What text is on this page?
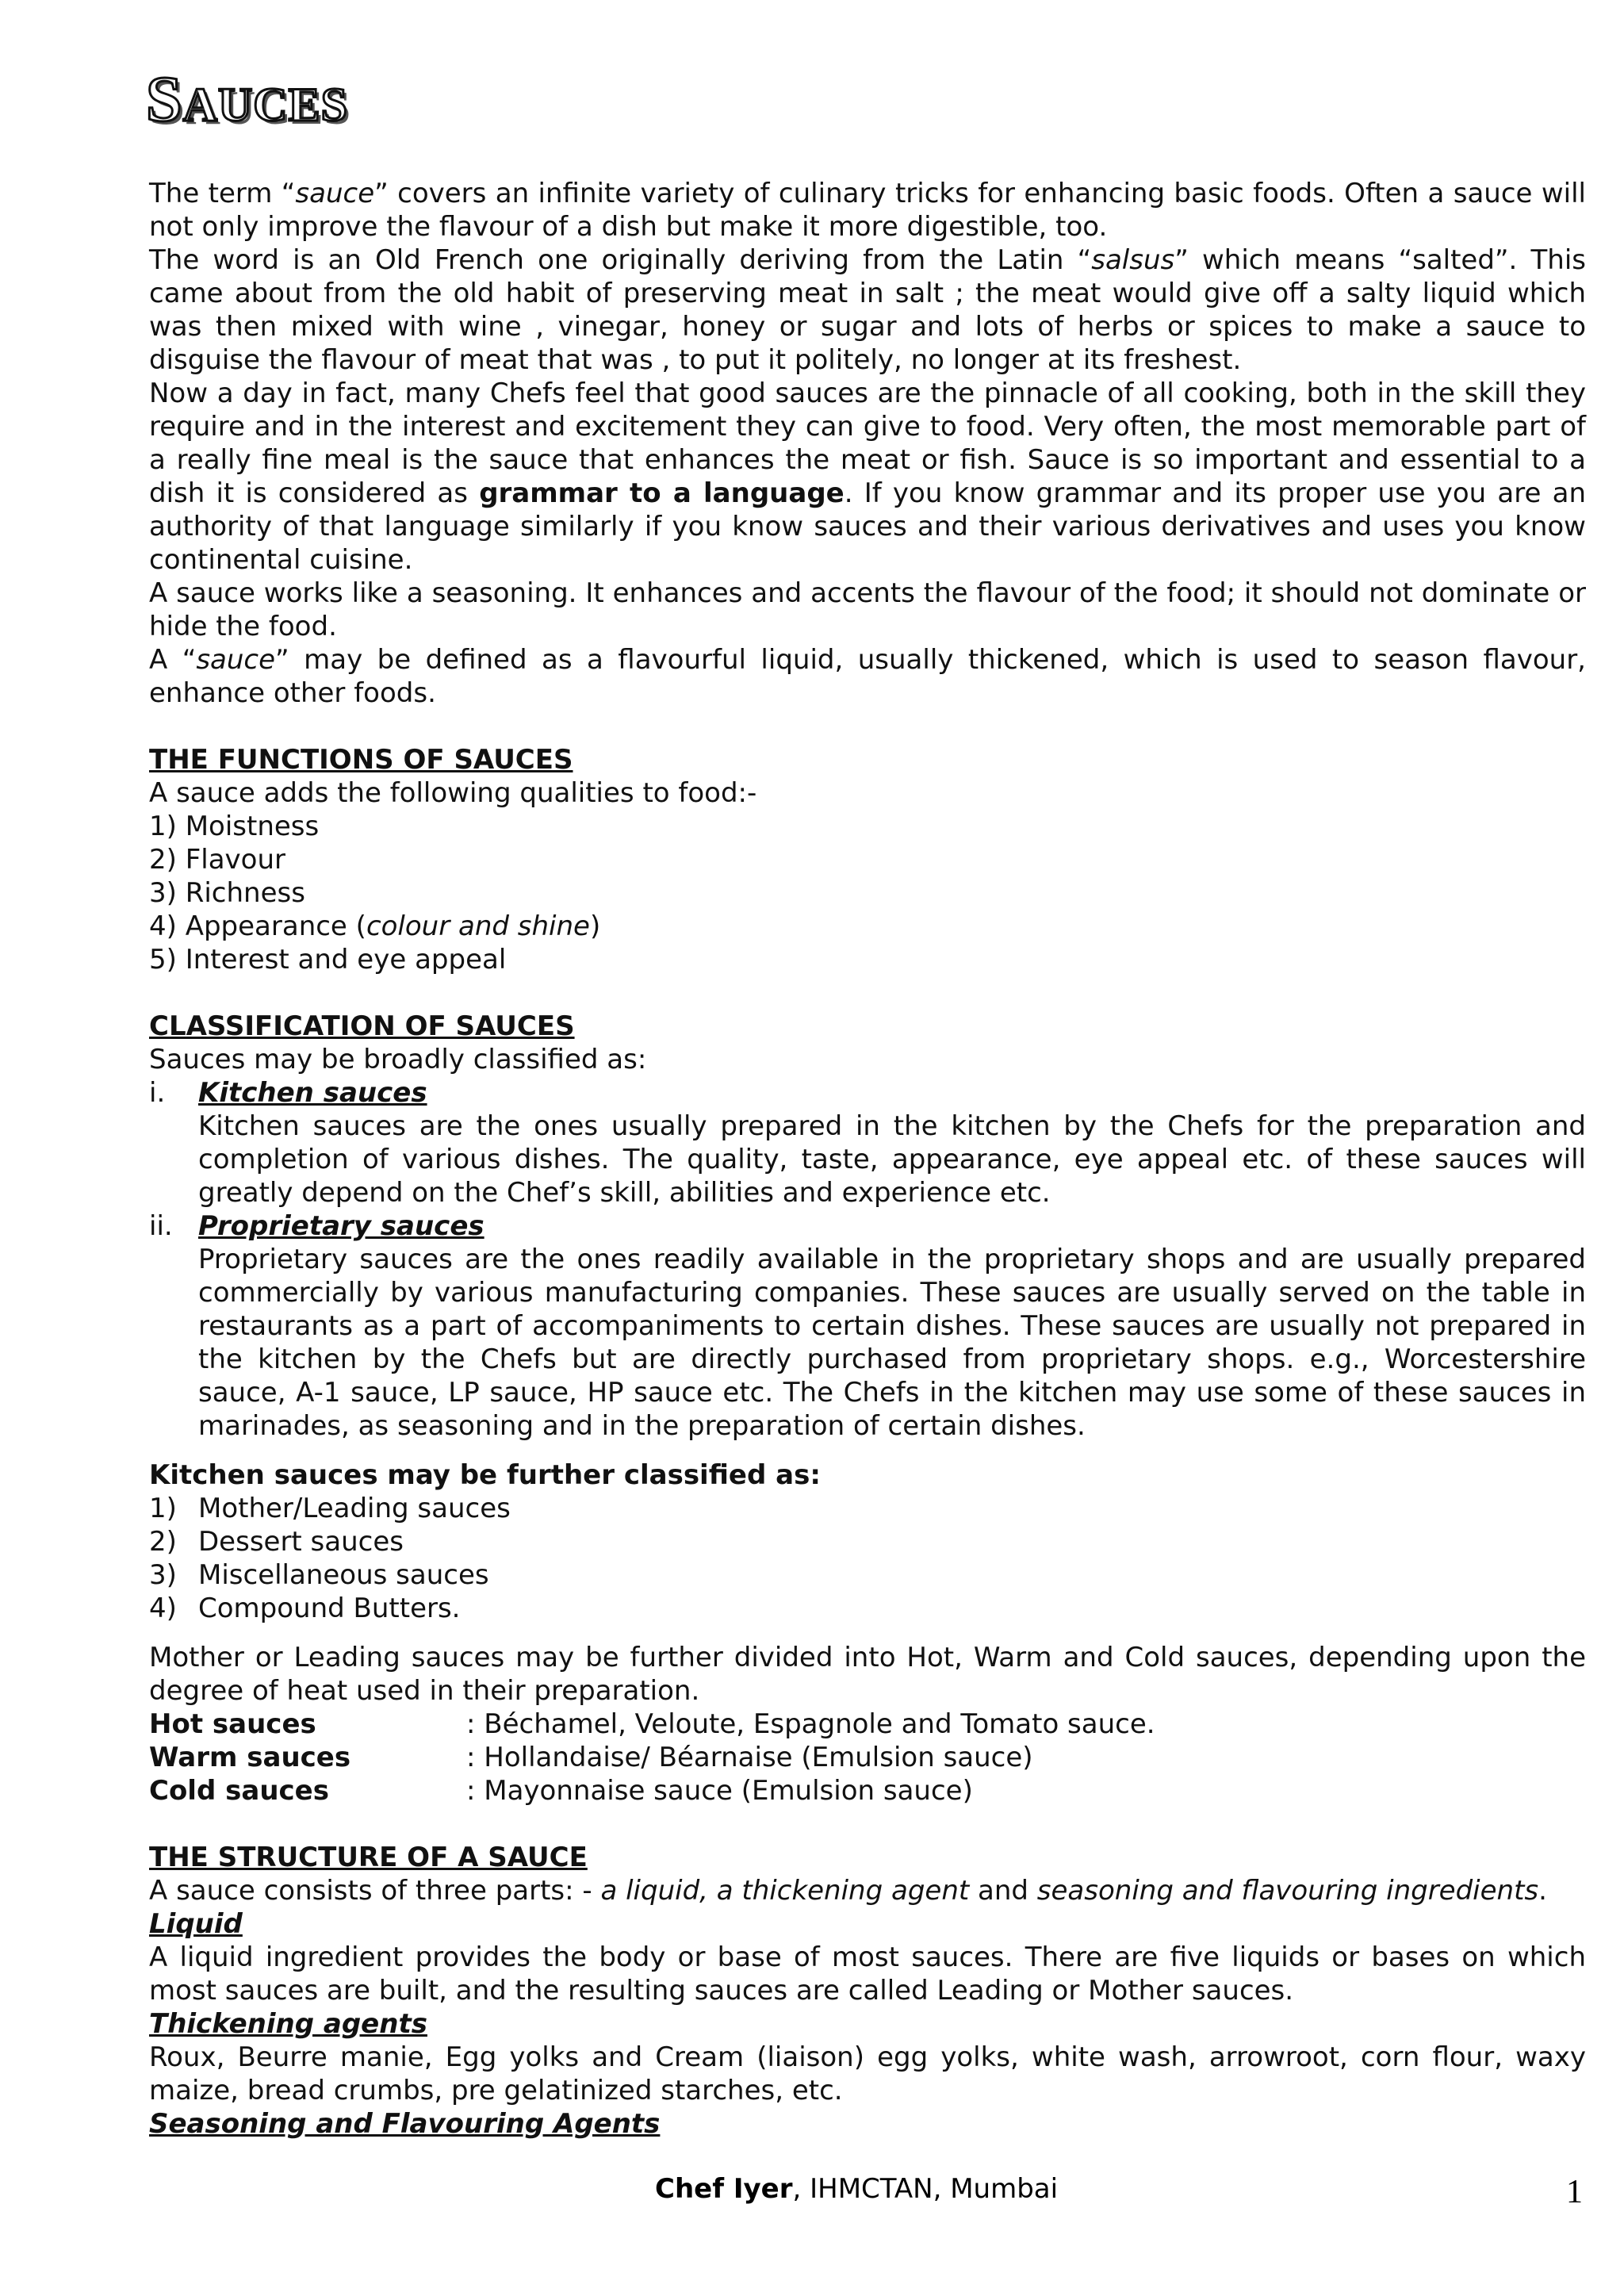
SAUCES

The term “sauce” covers an infinite variety of culinary tricks for enhancing basic foods. Often a sauce will not only improve the flavour of a dish but make it more digestible, too.

The word is an Old French one originally deriving from the Latin “salsus” which means “salted”. This came about from the old habit of preserving meat in salt ; the meat would give off a salty liquid which was then mixed with wine , vinegar, honey or sugar and lots of herbs or spices to make a sauce to disguise the flavour of meat that was , to put it politely, no longer at its freshest.

Now a day in fact, many Chefs feel that good sauces are the pinnacle of all cooking, both in the skill they require and in the interest and excitement they can give to food. Very often, the most memorable part of a really fine meal is the sauce that enhances the meat or fish. Sauce is so important and essential to a dish it is considered as grammar to a language. If you know grammar and its proper use you are an authority of that language similarly if you know sauces and their various derivatives and uses you know continental cuisine.

A sauce works like a seasoning. It enhances and accents the flavour of the food; it should not dominate or hide the food.

A “sauce” may be defined as a flavourful liquid, usually thickened, which is used to season flavour, enhance other foods.

THE FUNCTIONS OF SAUCES
A sauce adds the following qualities to food:-
1) Moistness
2) Flavour
3) Richness
4) Appearance (colour and shine)
5) Interest and eye appeal
CLASSIFICATION OF SAUCES
Sauces may be broadly classified as:
i. Kitchen sauces

Kitchen sauces are the ones usually prepared in the kitchen by the Chefs for the preparation and completion of various dishes. The quality, taste, appearance, eye appeal etc. of these sauces will greatly depend on the Chef’s skill, abilities and experience etc.

ii. Proprietary sauces

Proprietary sauces are the ones readily available in the proprietary shops and are usually prepared commercially by various manufacturing companies. These sauces are usually served on the table in restaurants as a part of accompaniments to certain dishes. These sauces are usually not prepared in the kitchen by the Chefs but are directly purchased from proprietary shops. e.g., Worcestershire sauce, A-1 sauce, LP sauce, HP sauce etc. The Chefs in the kitchen may use some of these sauces in marinades, as seasoning and in the preparation of certain dishes.

Kitchen sauces may be further classified as:
1) Mother/Leading sauces
2) Dessert sauces
3) Miscellaneous sauces
4) Compound Butters.

Mother or Leading sauces may be further divided into Hot, Warm and Cold sauces, depending upon the degree of heat used in their preparation.

Hot sauces	: Béchamel, Veloute, Espagnole and Tomato sauce.
Warm sauces	: Hollandaise/ Béarnaise (Emulsion sauce)
Cold sauces	: Mayonnaise sauce (Emulsion sauce)
THE STRUCTURE OF A SAUCE

A sauce consists of three parts: - a liquid, a thickening agent and seasoning and flavouring ingredients.

Liquid

A liquid ingredient provides the body or base of most sauces. There are five liquids or bases on which most sauces are built, and the resulting sauces are called Leading or Mother sauces.

Thickening agents

Roux, Beurre manie, Egg yolks and Cream (liaison) egg yolks, white wash, arrowroot, corn flour, waxy maize, bread crumbs, pre gelatinized starches, etc.

Seasoning and Flavouring Agents
Chef Iyer, IHMCTAN, Mumbai	1
